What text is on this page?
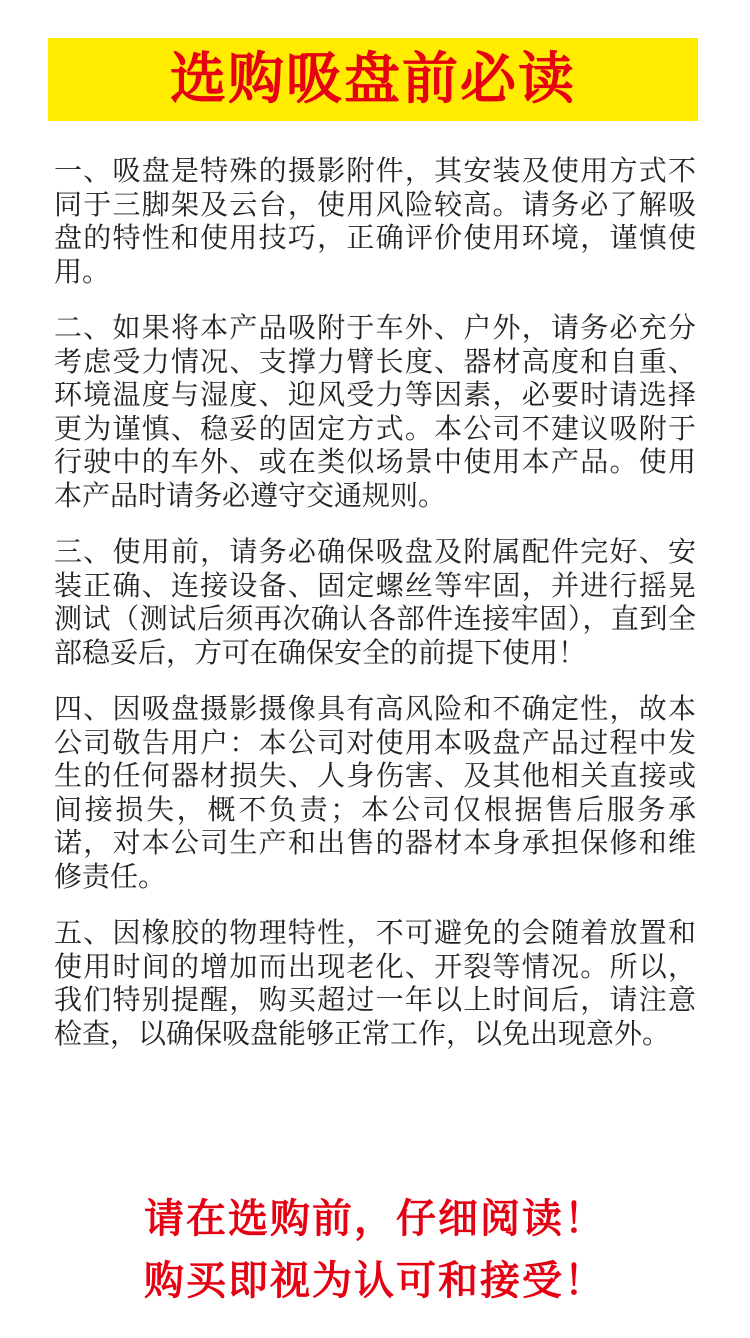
选购吸盘前必读

一、吸盘是特殊的摄影附件，其安装及使用方式不同于三脚架及云台，使用风险较高。请务必了解吸盘的特性和使用技巧，正确评价使用环境，谨慎使用。

二、如果将本产品吸附于车外、户外，请务必充分考虑受力情况、支撑力臂长度、器材高度和自重、环境温度与湿度、迎风受力等因素，必要时请选择更为谨慎、稳妥的固定方式。本公司不建议吸附于行驶中的车外、或在类似场景中使用本产品。使用本产品时请务必遵守交通规则。

三、使用前，请务必确保吸盘及附属配件完好、安装正确、连接设备、固定螺丝等牢固，并进行摇晃测试（测试后须再次确认各部件连接牢固），直到全部稳妥后，方可在确保安全的前提下使用！

四、因吸盘摄影摄像具有高风险和不确定性，故本公司敬告用户：本公司对使用本吸盘产品过程中发生的任何器材损失、人身伤害、及其他相关直接或间接损失，概不负责；本公司仅根据售后服务承诺，对本公司生产和出售的器材本身承担保修和维修责任。

五、因橡胶的物理特性，不可避免的会随着放置和使用时间的增加而出现老化、开裂等情况。所以，我们特别提醒，购买超过一年以上时间后，请注意检查，以确保吸盘能够正常工作，以免出现意外。

请在选购前，仔细阅读！
购买即视为认可和接受！
